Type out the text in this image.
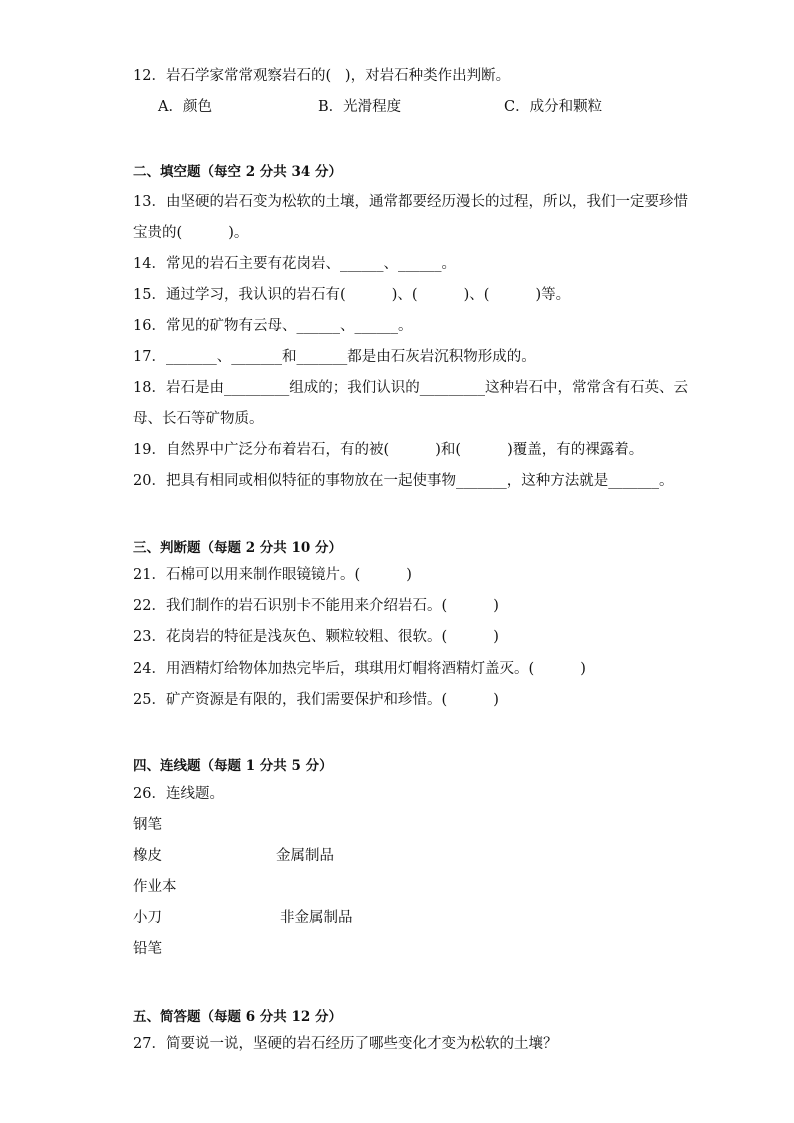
12．岩石学家常常观察岩石的(   )，对岩石种类作出判断。
A．颜色	B．光滑程度	C．成分和颗粒
二、填空题（每空 2 分共 34 分）
13．由坚硬的岩石变为松软的土壤，通常都要经历漫长的过程，所以，我们一定要珍惜
宝贵的(          )。
14．常见的岩石主要有花岗岩、______、______。
15．通过学习，我认识的岩石有(          )、(          )、(          )等。
16．常见的矿物有云母、______、______。
17．_______、_______和_______都是由石灰岩沉积物形成的。
18．岩石是由_________组成的；我们认识的_________这种岩石中，常常含有石英、云
母、长石等矿物质。
19．自然界中广泛分布着岩石，有的被(          )和(          )覆盖，有的裸露着。
20．把具有相同或相似特征的事物放在一起使事物_______，这种方法就是_______。
三、判断题（每题 2 分共 10 分）
21．石棉可以用来制作眼镜镜片。(          )
22．我们制作的岩石识别卡不能用来介绍岩石。(          )
23．花岗岩的特征是浅灰色、颗粒较粗、很软。(          )
24．用酒精灯给物体加热完毕后，琪琪用灯帽将酒精灯盖灭。(          )
25．矿产资源是有限的，我们需要保护和珍惜。(          )
四、连线题（每题 1 分共 5 分）
26．连线题。
钢笔
橡皮	金属制品
作业本
小刀	非金属制品
铅笔
五、简答题（每题 6 分共 12 分）
27．简要说一说，坚硬的岩石经历了哪些变化才变为松软的土壤？
